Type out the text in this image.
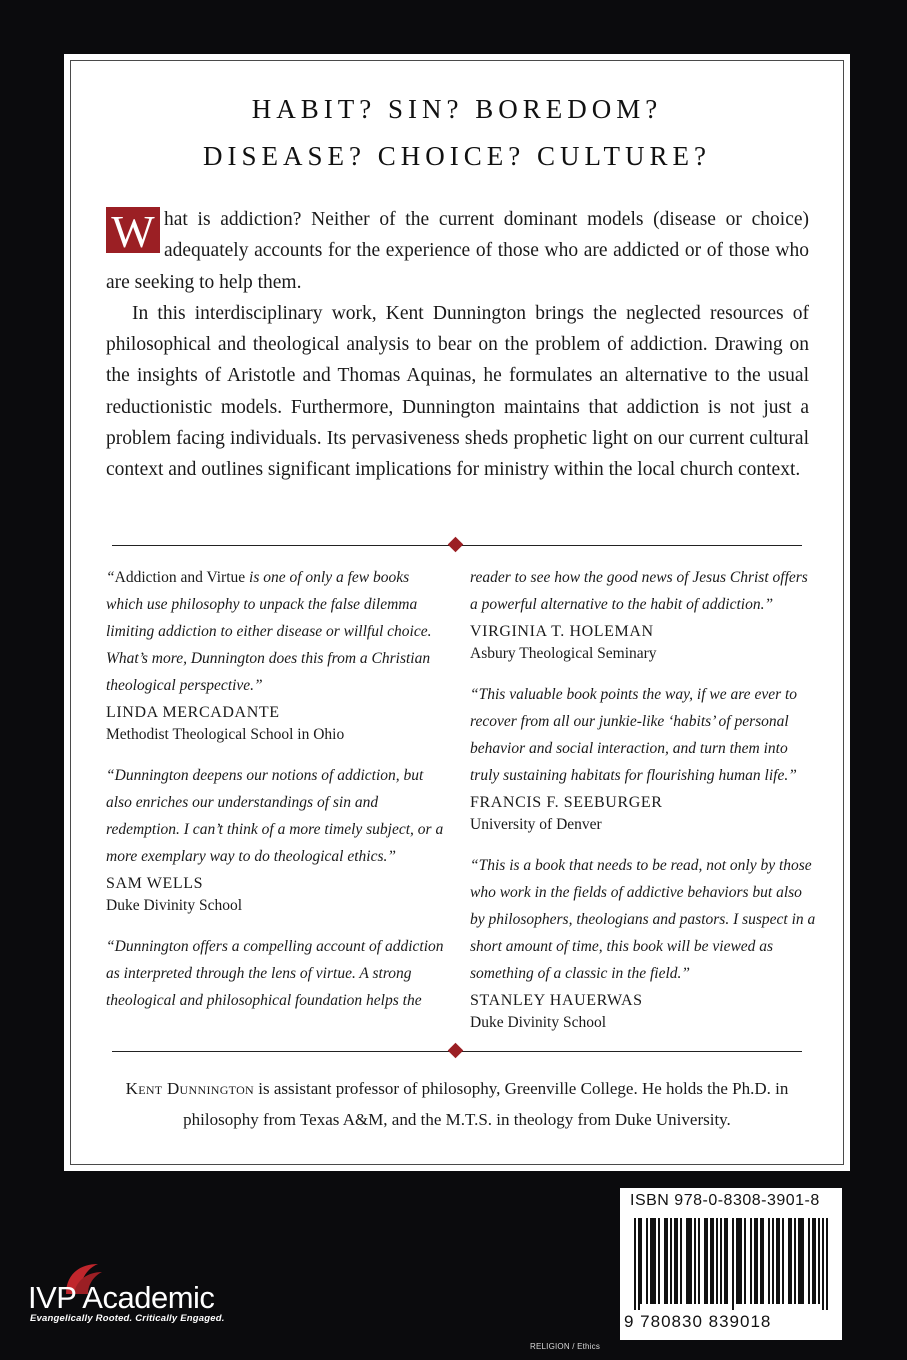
HABIT? SIN? BOREDOM?
DISEASE? CHOICE? CULTURE?

W hat is addiction? Neither of the current dominant models (disease or choice) adequately accounts for the experience of those who are addicted or of those who are seeking to help them.

In this interdisciplinary work, Kent Dunnington brings the neglected resources of philosophical and theological analysis to bear on the problem of addiction. Drawing on the insights of Aristotle and Thomas Aquinas, he formulates an alternative to the usual reductionistic models. Furthermore, Dunnington maintains that addiction is not just a problem facing individuals. Its pervasiveness sheds prophetic light on our current cultural context and outlines significant implications for ministry within the local church context.

“Addiction and Virtue is one of only a few books which use philosophy to unpack the false dilemma limiting addiction to either disease or willful choice. What’s more, Dunnington does this from a Christian theological perspective.”

LINDA MERCADANTE

Methodist Theological School in Ohio

“Dunnington deepens our notions of addiction, but also enriches our understandings of sin and redemption. I can’t think of a more timely subject, or a more exemplary way to do theological ethics.”

SAM WELLS

Duke Divinity School

“Dunnington offers a compelling account of addiction as interpreted through the lens of virtue. A strong theological and philosophical foundation helps the

reader to see how the good news of Jesus Christ offers a powerful alternative to the habit of addiction.”

VIRGINIA T. HOLEMAN

Asbury Theological Seminary

“This valuable book points the way, if we are ever to recover from all our junkie-like ‘habits’ of personal behavior and social interaction, and turn them into truly sustaining habitats for flourishing human life.”

FRANCIS F. SEEBURGER

University of Denver

“This is a book that needs to be read, not only by those who work in the fields of addictive behaviors but also by philosophers, theologians and pastors. I suspect in a short amount of time, this book will be viewed as something of a classic in the field.”

STANLEY HAUERWAS

Duke Divinity School

Kent Dunnington is assistant professor of philosophy, Greenville College. He holds the Ph.D. in philosophy from Texas A&M, and the M.T.S. in theology from Duke University.

IVP Academic
Evangelically Rooted. Critically Engaged.
RELIGION / Ethics
ISBN 978-0-8308-3901-8
9 780830 839018
